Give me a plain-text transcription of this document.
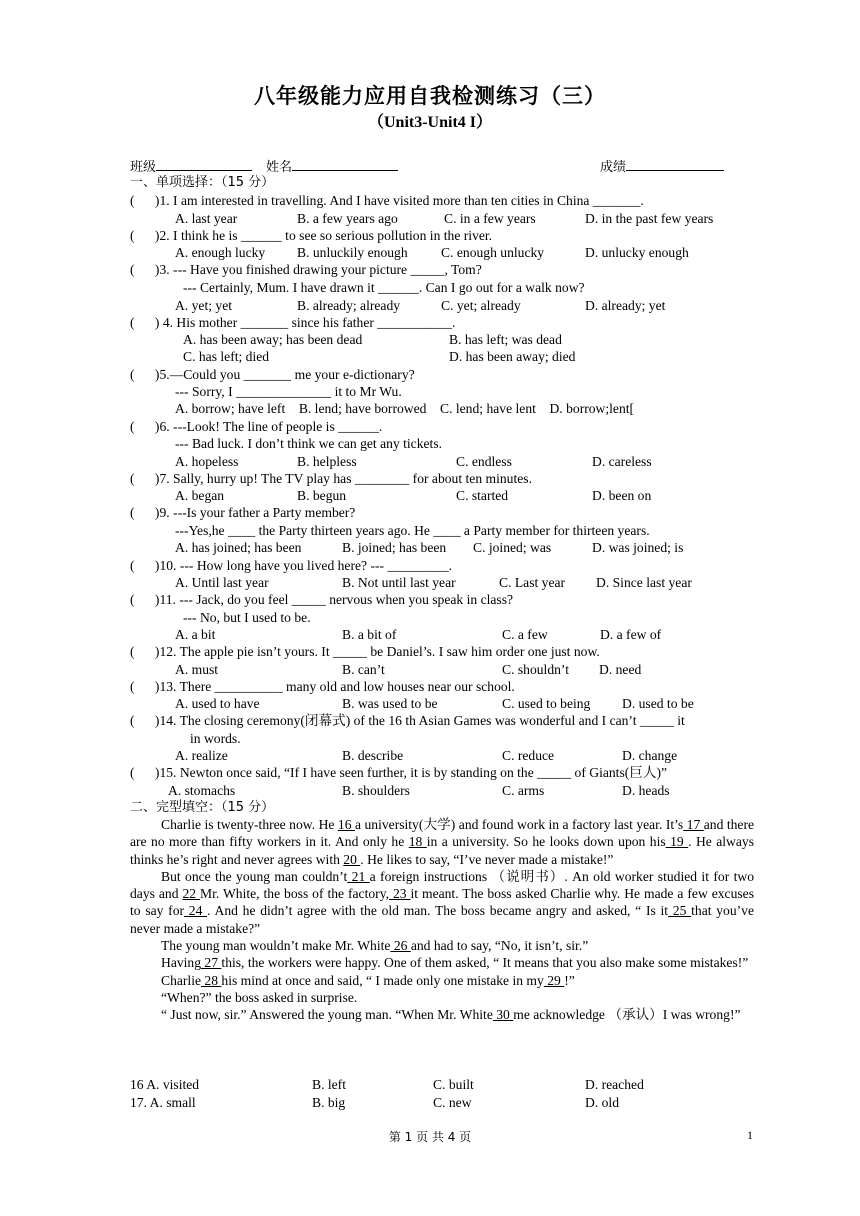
八年级能力应用自我检测练习（三）
（Unit3-Unit4 I）
班级	姓名	成绩
一、单项选择：（15 分）
(      )1. I am interested in travelling. And I have visited more than ten cities in China _______.
A. last year	B. a few years ago	C. in a few years	D. in the past few years
(      )2. I think he is ______ to see so serious pollution in the river.
A. enough lucky B. unluckily enough C. enough unlucky	D. unlucky enough
(      )3. --- Have you finished drawing your picture _____, Tom?
--- Certainly, Mum. I have drawn it ______. Can I go out for a walk now?
A. yet; yet	B. already; already	C. yet; already	D. already; yet
(      ) 4. His mother _______ since his father ___________.
A. has been away; has been dead	B. has left; was dead
C. has left; died	D. has been away; died
(      )5.—Could you _______ me your e-dictionary?
--- Sorry, I ______________ it to Mr Wu.
A. borrow; have left    B. lend; have borrowed    C. lend; have lent    D. borrow;lent[
(      )6. ---Look! The line of people is ______.
--- Bad luck. I don’t think we can get any tickets.
A. hopeless	B. helpless	C. endless	D. careless
(      )7. Sally, hurry up! The TV play has ________ for about ten minutes.
A. began	B. begun	C. started	D. been on
(      )9. ---Is your father a Party member?
---Yes,he ____ the Party thirteen years ago. He ____ a Party member for thirteen years.
A. has joined; has been	B. joined; has been C. joined; was	D. was joined; is
(      )10. --- How long have you lived here? --- _________.
A. Until last year	B. Not until last year	C. Last year D. Since last year
(      )11. --- Jack, do you feel _____ nervous when you speak in class?
--- No, but I used to be.
A. a bit	B. a bit of	C. a few	D. a few of
(      )12. The apple pie isn’t yours. It _____ be Daniel’s. I saw him order one just now.
A. must	B. can’t	C. shouldn’t D. need
(      )13. There __________ many old and low houses near our school.
A. used to have	B. was used to be	C. used to being D. used to be
(      )14. The closing ceremony(闭幕式) of the 16 th Asian Games was wonderful and I can’t _____ it
in words.
A. realize	B. describe	C. reduce	D. change
(      )15. Newton once said, “If I have seen further, it is by standing on the _____ of Giants(巨人)”
A. stomachs	B. shoulders	C. arms	D. heads
二、完型填空：（15 分）

Charlie is twenty-three now. He 16 a university(大学) and found work in a factory last year. It’s 17 and there are no more than fifty workers in it. And only he 18 in a university. So he looks down upon his 19 . He always thinks he’s right and never agrees with 20 . He likes to say, “I’ve never made a mistake!”

But once the young man couldn’t 21 a foreign instructions （说明书）. An old worker studied it for two days and 22 Mr. White, the boss of the factory, 23 it meant. The boss asked Charlie why. He made a few excuses to say for 24 . And he didn’t agree with the old man. The boss became angry and asked, “ Is it 25 that you’ve never made a mistake?”

The young man wouldn’t make Mr. White 26 and had to say, “No, it isn’t, sir.”

Having 27 this, the workers were happy. One of them asked, “ It means that you also make some mistakes!”

Charlie 28 his mind at once and said, “ I made only one mistake in my 29 !”

“When?” the boss asked in surprise.

“ Just now, sir.” Answered the young man. “When Mr. White 30 me acknowledge （承认）I was wrong!”

16 A. visited	B. left	C. built	D. reached
17. A. small	B. big	C. new	D. old
第 1 页 共 4 页	1
